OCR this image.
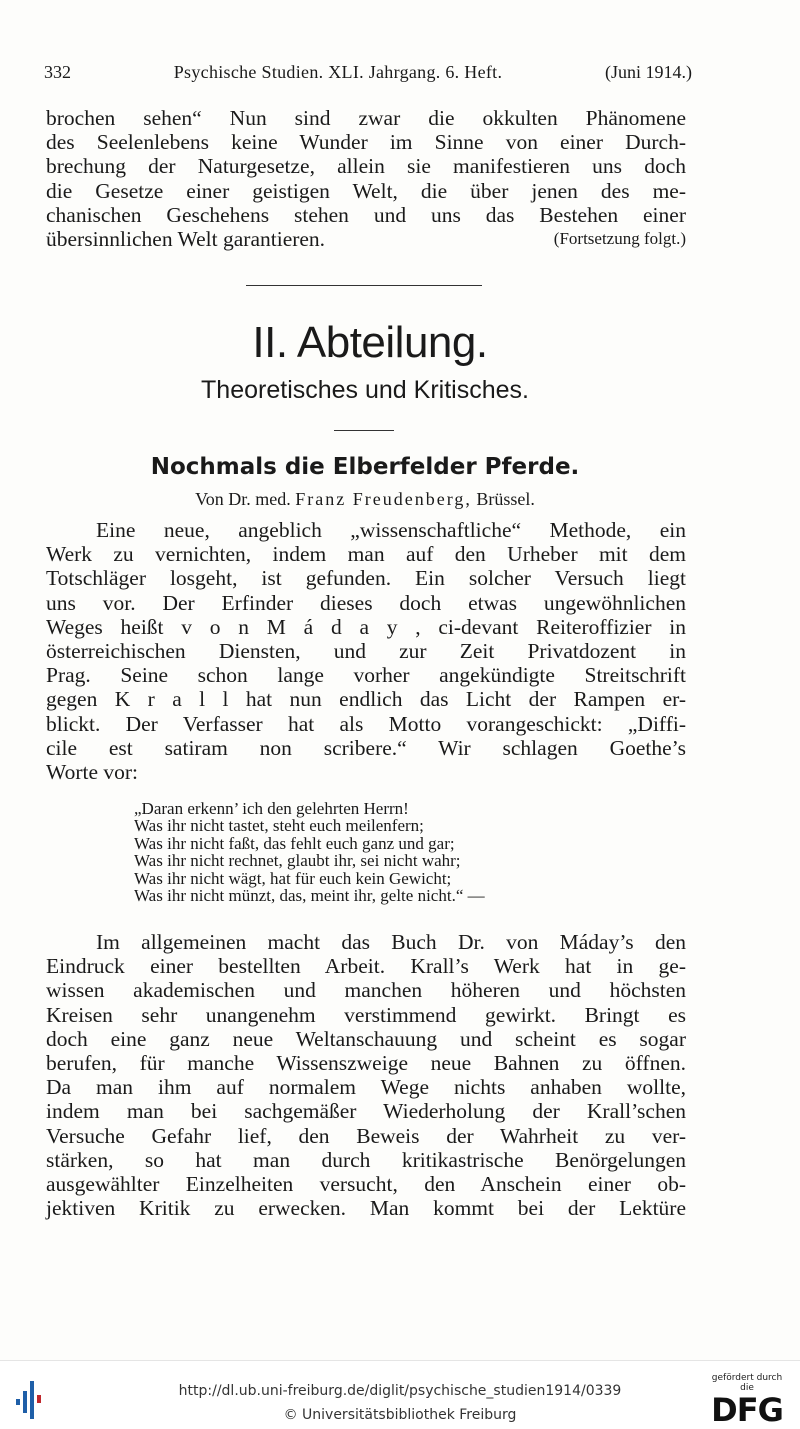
332	Psychische Studien. XLI. Jahrgang. 6. Heft.	(Juni 1914.)
brochen sehen“ Nun sind zwar die okkulten Phänomene
des Seelenlebens keine Wunder im Sinne von einer Durch-
brechung der Naturgesetze, allein sie manifestieren uns doch
die Gesetze einer geistigen Welt, die über jenen des me-
chanischen Geschehens stehen und uns das Bestehen einer
übersinnlichen Welt garantieren.	(Fortsetzung folgt.)
II. Abteilung.
Theoretisches und Kritisches.
Nochmals die Elberfelder Pferde.
Von Dr. med. Franz Freudenberg, Brüssel.
Eine neue, angeblich „wissenschaftliche“ Methode, ein
Werk zu vernichten, indem man auf den Urheber mit dem
Totschläger losgeht, ist gefunden. Ein solcher Versuch liegt
uns vor. Der Erfinder dieses doch etwas ungewöhnlichen
Weges heißt v o n M á d a y , ci-devant Reiteroffizier in
österreichischen Diensten, und zur Zeit Privatdozent in
Prag. Seine schon lange vorher angekündigte Streitschrift
gegen K r a l l hat nun endlich das Licht der Rampen er-
blickt. Der Verfasser hat als Motto vorangeschickt: „Diffi-
cile est satiram non scribere.“ Wir schlagen Goethe’s
Worte vor:
„Daran erkenn’ ich den gelehrten Herrn!
Was ihr nicht tastet, steht euch meilenfern;
Was ihr nicht faßt, das fehlt euch ganz und gar;
Was ihr nicht rechnet, glaubt ihr, sei nicht wahr;
Was ihr nicht wägt, hat für euch kein Gewicht;
Was ihr nicht münzt, das, meint ihr, gelte nicht.“ —
Im allgemeinen macht das Buch Dr. von Máday’s den
Eindruck einer bestellten Arbeit. Krall’s Werk hat in ge-
wissen akademischen und manchen höheren und höchsten
Kreisen sehr unangenehm verstimmend gewirkt. Bringt es
doch eine ganz neue Weltanschauung und scheint es sogar
berufen, für manche Wissenszweige neue Bahnen zu öffnen.
Da man ihm auf normalem Wege nichts anhaben wollte,
indem man bei sachgemäßer Wiederholung der Krall’schen
Versuche Gefahr lief, den Beweis der Wahrheit zu ver-
stärken, so hat man durch kritikastrische Benörgelungen
ausgewählter Einzelheiten versucht, den Anschein einer ob-
jektiven Kritik zu erwecken. Man kommt bei der Lektüre
http://dl.ub.uni-freiburg.de/diglit/psychische_studien1914/0339
© Universitätsbibliothek Freiburg
gefördert durch die
DFG
